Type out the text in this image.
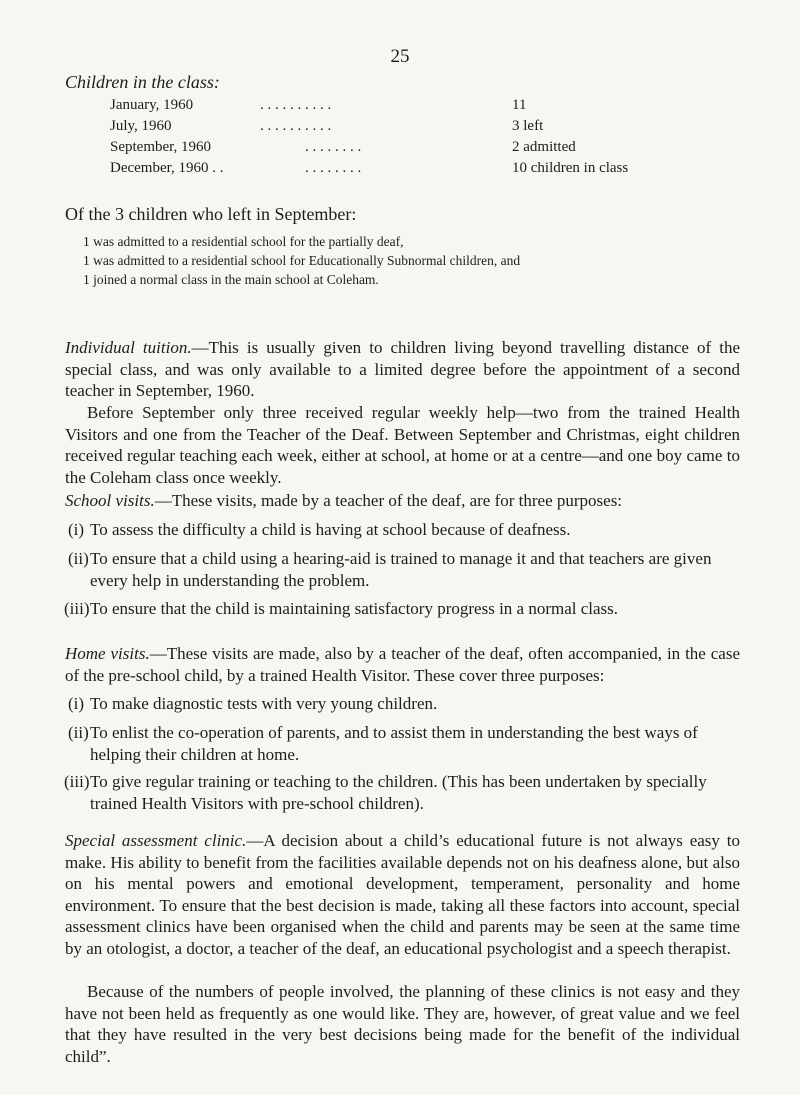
25
Children in the class:
January, 1960	. . . . . . . . . .	11
July, 1960	. . . . . . . . . .	3 left
September, 1960	. . . . . . . .	2 admitted
December, 1960 . .	. . . . . . . .	10 children in class
Of the 3 children who left in September:
1 was admitted to a residential school for the partially deaf,
1 was admitted to a residential school for Educationally Subnormal children, and
1 joined a normal class in the main school at Coleham.
Individual tuition.—This is usually given to children living beyond travelling distance of the special class, and was only available to a limited degree before the appointment of a second teacher in September, 1960.
Before September only three received regular weekly help—two from the trained Health Visitors and one from the Teacher of the Deaf. Between September and Christmas, eight children received regular teaching each week, either at school, at home or at a centre—and one boy came to the Coleham class once weekly.
School visits.—These visits, made by a teacher of the deaf, are for three purposes:
(i) To assess the difficulty a child is having at school because of deafness.
(ii) To ensure that a child using a hearing-aid is trained to manage it and that teachers are given every help in understanding the problem.
(iii) To ensure that the child is maintaining satisfactory progress in a normal class.
Home visits.—These visits are made, also by a teacher of the deaf, often accompanied, in the case of the pre-school child, by a trained Health Visitor. These cover three purposes:
(i) To make diagnostic tests with very young children.
(ii) To enlist the co-operation of parents, and to assist them in understanding the best ways of helping their children at home.
(iii) To give regular training or teaching to the children. (This has been undertaken by specially trained Health Visitors with pre-school children).
Special assessment clinic.—A decision about a child’s educational future is not always easy to make. His ability to benefit from the facilities available depends not on his deafness alone, but also on his mental powers and emotional development, temperament, personality and home environment. To ensure that the best decision is made, taking all these factors into account, special assessment clinics have been organised when the child and parents may be seen at the same time by an otologist, a doctor, a teacher of the deaf, an educational psychologist and a speech therapist.
Because of the numbers of people involved, the planning of these clinics is not easy and they have not been held as frequently as one would like. They are, however, of great value and we feel that they have resulted in the very best decisions being made for the benefit of the individual child”.
